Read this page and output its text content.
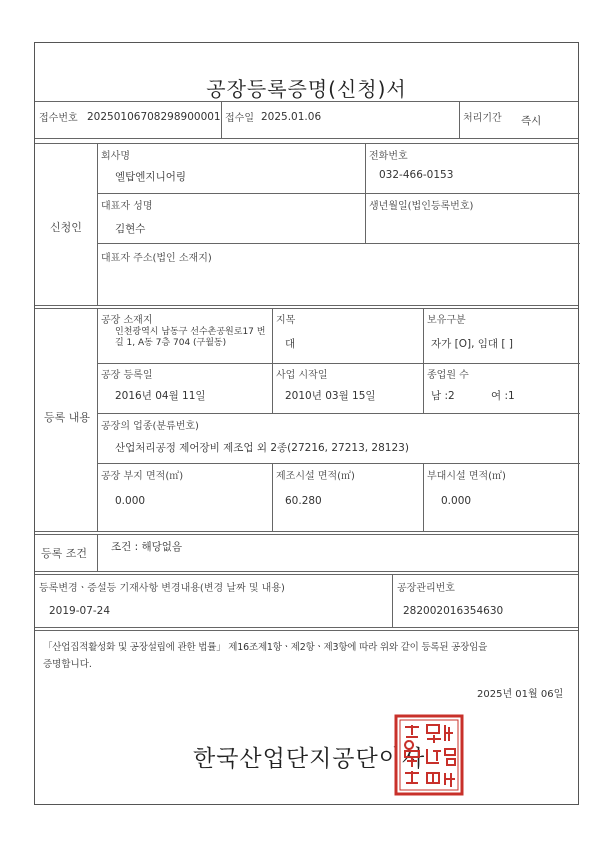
공장등록증명(신청)서
접수번호 20250106708298900001 접수일 2025.01.06	처리기간 즉시
신청인
회사명
엘탑엔지니어링
전화번호
032-466-0153
대표자 성명
김현수
생년월일(법인등록번호)
대표자 주소(법인 소재지)
등록 내용
공장 소재지
인천광역시 남동구 선수촌공원로17 번길 1, A동 7층 704 (구월동)
지목
대
보유구분
자가 [O], 임대 [ ]
공장 등록일
2016년 04월 11일
사업 시작일
2010년 03월 15일
종업원 수
남 :2	여 :1
공장의 업종(분류번호)
산업처리공정 제어장비 제조업 외 2종(27216, 27213, 28123)
공장 부지 면적(㎡)
0.000
제조시설 면적(㎡)
60.280
부대시설 면적(㎡)
0.000
등록 조건 조건 : 해당없음
등록변경ㆍ증설등 기재사항 변경내용(변경 날짜 및 내용)
2019-07-24
공장관리번호
282002016354630
「산업집적활성화 및 공장설립에 관한 법률」 제16조제1항ㆍ제2항ㆍ제3항에 따라 위와 같이 등록된 공장임을
증명합니다.
2025년 01월 06일
한국산업단지공단이사
